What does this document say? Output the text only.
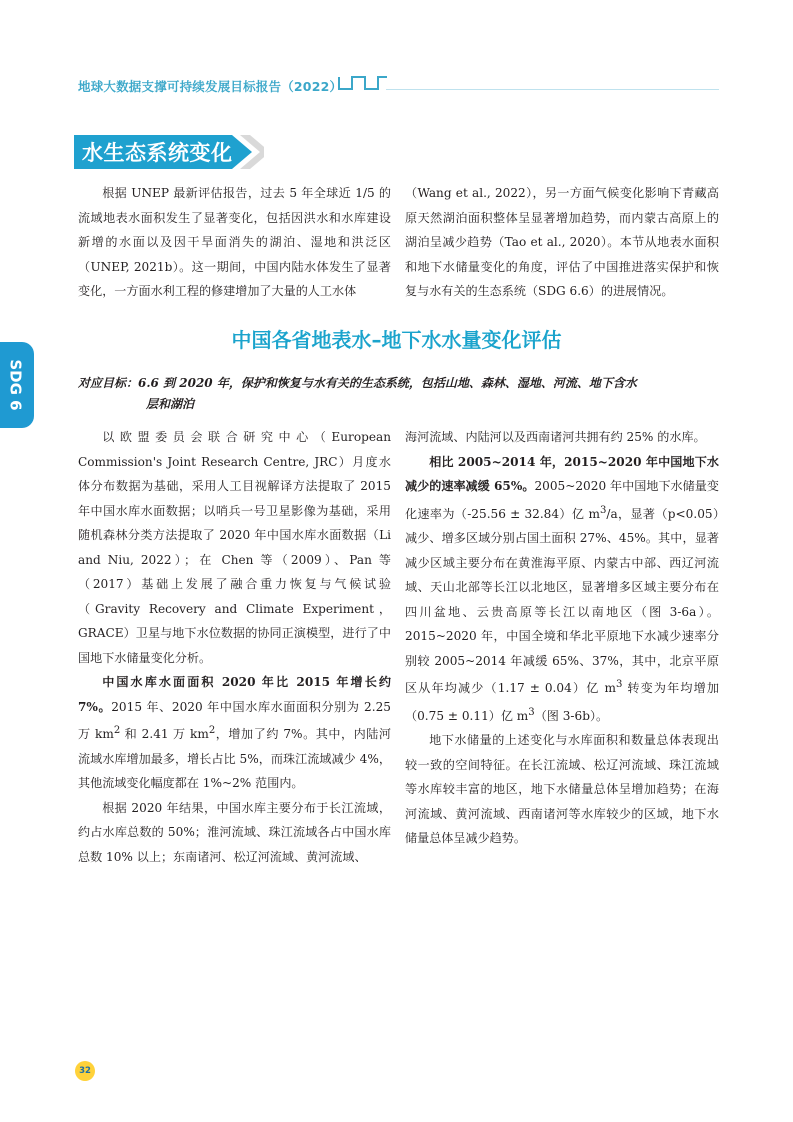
地球大数据支撑可持续发展目标报告（2022）
水生态系统变化

根据 UNEP 最新评估报告，过去 5 年全球近 1/5 的流域地表水面积发生了显著变化，包括因洪水和水库建设新增的水面以及因干旱面消失的湖泊、湿地和洪泛区（UNEP, 2021b）。这一期间，中国内陆水体发生了显著变化，一方面水利工程的修建增加了大量的人工水体

（Wang et al., 2022），另一方面气候变化影响下青藏高原天然湖泊面积整体呈显著增加趋势，而内蒙古高原上的湖泊呈减少趋势（Tao et al., 2020）。本节从地表水面积和地下水储量变化的角度，评估了中国推进落实保护和恢复与水有关的生态系统（SDG 6.6）的进展情况。

中国各省地表水–地下水水量变化评估
对应目标：6.6 到 2020 年，保护和恢复与水有关的生态系统，包括山地、森林、湿地、河流、地下含水
层和湖泊

以欧盟委员会联合研究中心（European Commission's Joint Research Centre, JRC）月度水体分布数据为基础，采用人工目视解译方法提取了 2015 年中国水库水面数据；以哨兵一号卫星影像为基础，采用随机森林分类方法提取了 2020 年中国水库水面数据（Li and Niu, 2022）；在 Chen 等（2009）、Pan 等（2017）基础上发展了融合重力恢复与气候试验（Gravity Recovery and Climate Experiment，GRACE）卫星与地下水位数据的协同正演模型，进行了中国地下水储量变化分析。

中国水库水面面积 2020 年比 2015 年增长约 7%。2015 年、2020 年中国水库水面面积分别为 2.25 万 $km^2$ 和 2.41 万 $km^2$，增加了约 7%。其中，内陆河流域水库增加最多，增长占比 5%，而珠江流域减少 4%，其他流域变化幅度都在 1%~2% 范围内。

根据 2020 年结果，中国水库主要分布于长江流域，约占水库总数的 50%；淮河流域、珠江流域各占中国水库总数 10% 以上；东南诸河、松辽河流域、黄河流域、

海河流域、内陆河以及西南诸河共拥有约 25% 的水库。

相比 2005~2014 年，2015~2020 年中国地下水减少的速率减缓 65%。2005~2020 年中国地下水储量变化速率为（-25.56 ± 32.84）亿 $m^3/a$，显著（p<0.05）减少、增多区域分别占国土面积 27%、45%。其中，显著减少区域主要分布在黄淮海平原、内蒙古中部、西辽河流域、天山北部等长江以北地区，显著增多区域主要分布在四川盆地、云贵高原等长江以南地区（图 3-6a）。2015~2020 年，中国全境和华北平原地下水减少速率分别较 2005~2014 年减缓 65%、37%，其中，北京平原区从年均减少（1.17 ± 0.04）亿 $m^3$ 转变为年均增加（0.75 ± 0.11）亿 $m^3$（图 3-6b）。

地下水储量的上述变化与水库面积和数量总体表现出较一致的空间特征。在长江流域、松辽河流域、珠江流域等水库较丰富的地区，地下水储量总体呈增加趋势；在海河流域、黄河流域、西南诸河等水库较少的区域，地下水储量总体呈减少趋势。

SDG 6
32
